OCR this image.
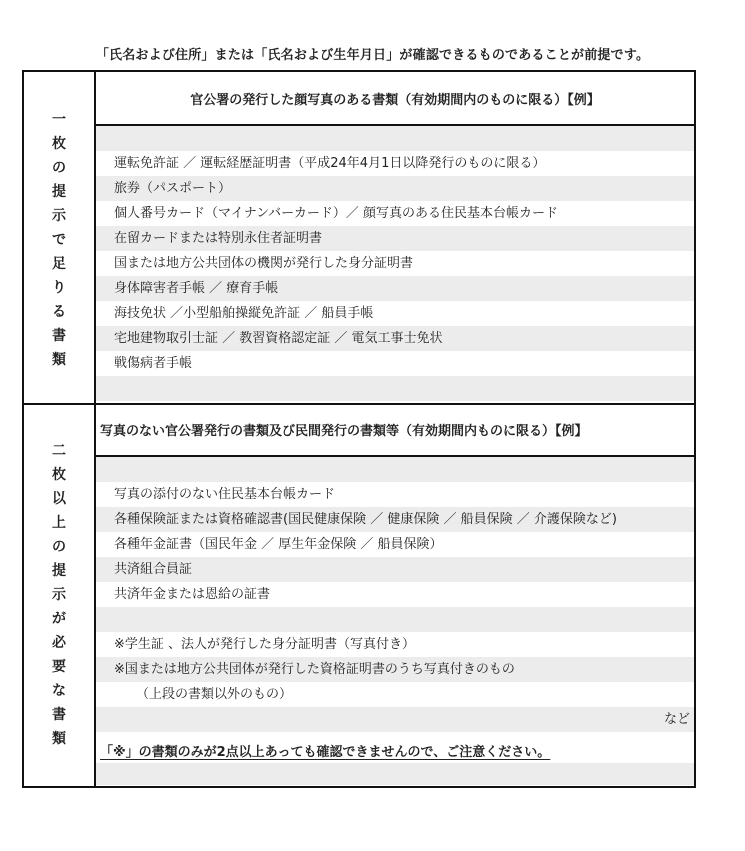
「氏名および住所」または「氏名および生年月日」が確認できるものであることが前提です。
一
枚
の
提
示
で
足
り
る
書
類
官公署の発行した顔写真のある書類（有効期間内のものに限る）【例】
運転免許証 ／ 運転経歴証明書（平成24年4月1日以降発行のものに限る）
旅券（パスポート）
個人番号カード（マイナンバーカード）／ 顔写真のある住民基本台帳カード
在留カードまたは特別永住者証明書
国または地方公共団体の機関が発行した身分証明書
身体障害者手帳 ／ 療育手帳
海技免状 ／小型船舶操縦免許証 ／ 船員手帳
宅地建物取引士証 ／ 教習資格認定証 ／ 電気工事士免状
戦傷病者手帳
二
枚
以
上
の
提
示
が
必
要
な
書
類
写真のない官公署発行の書類及び民間発行の書類等（有効期間内ものに限る）【例】
写真の添付のない住民基本台帳カード
各種保険証または資格確認書(国民健康保険 ／ 健康保険 ／ 船員保険 ／ 介護保険など)
各種年金証書（国民年金 ／ 厚生年金保険 ／ 船員保険）
共済組合員証
共済年金または恩給の証書
※学生証 、法人が発行した身分証明書（写真付き）
※国または地方公共団体が発行した資格証明書のうち写真付きのもの
（上段の書類以外のもの）
など
「※」の書類のみが2点以上あっても確認できませんので、ご注意ください。
